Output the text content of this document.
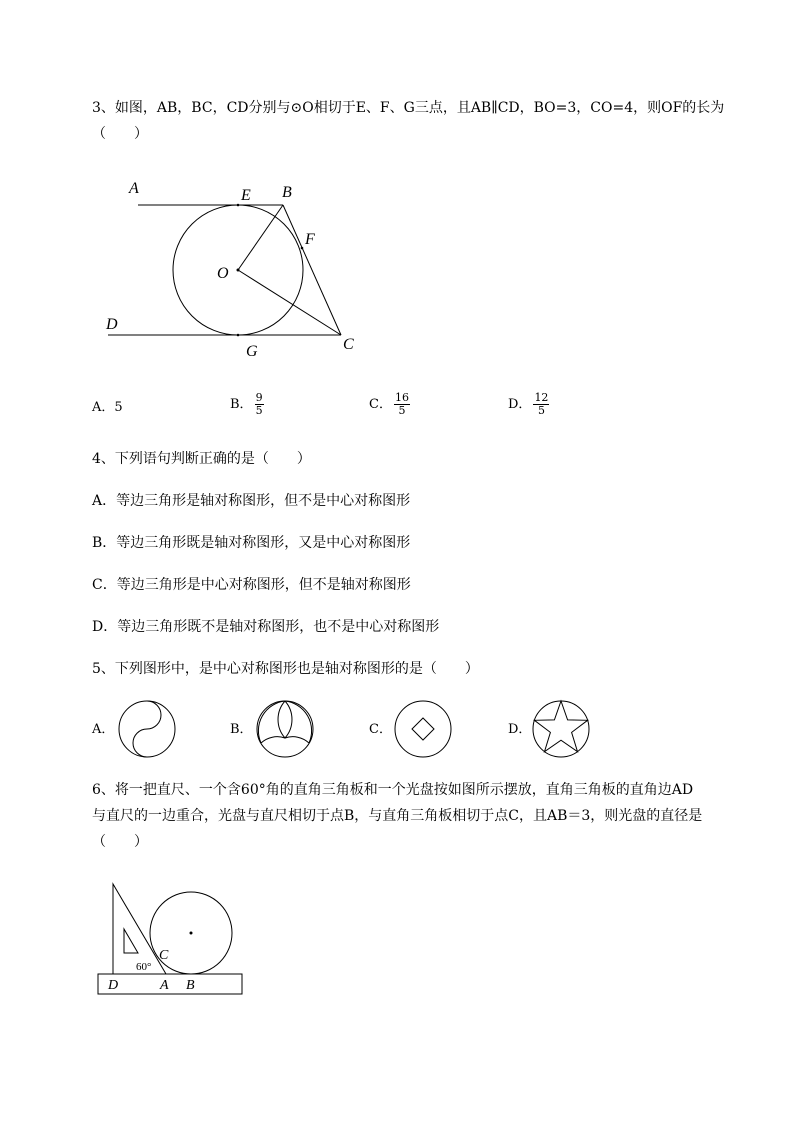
3、如图，AB，BC，CD分别与⊙O相切于E、F、G三点，且AB∥CD，BO=3，CO=4，则OF的长为
（　　）
A	E B
F
O
D
G	C
A．5	B． $\frac{9}{5}$	C． $\frac{16}{5}$	D． $\frac{12}{5}$
4、下列语句判断正确的是（　　）
A．等边三角形是轴对称图形，但不是中心对称图形
B．等边三角形既是轴对称图形，又是中心对称图形
C．等边三角形是中心对称图形，但不是轴对称图形
D．等边三角形既不是轴对称图形，也不是中心对称图形
5、下列图形中，是中心对称图形也是轴对称图形的是（　　）
A．	B．	C．	D．
6、将一把直尺、一个含60°角的直角三角板和一个光盘按如图所示摆放，直角三角板的直角边AD
与直尺的一边重合，光盘与直尺相切于点B，与直角三角板相切于点C，且AB＝3，则光盘的直径是
（　　）
60°
C
D	A B
